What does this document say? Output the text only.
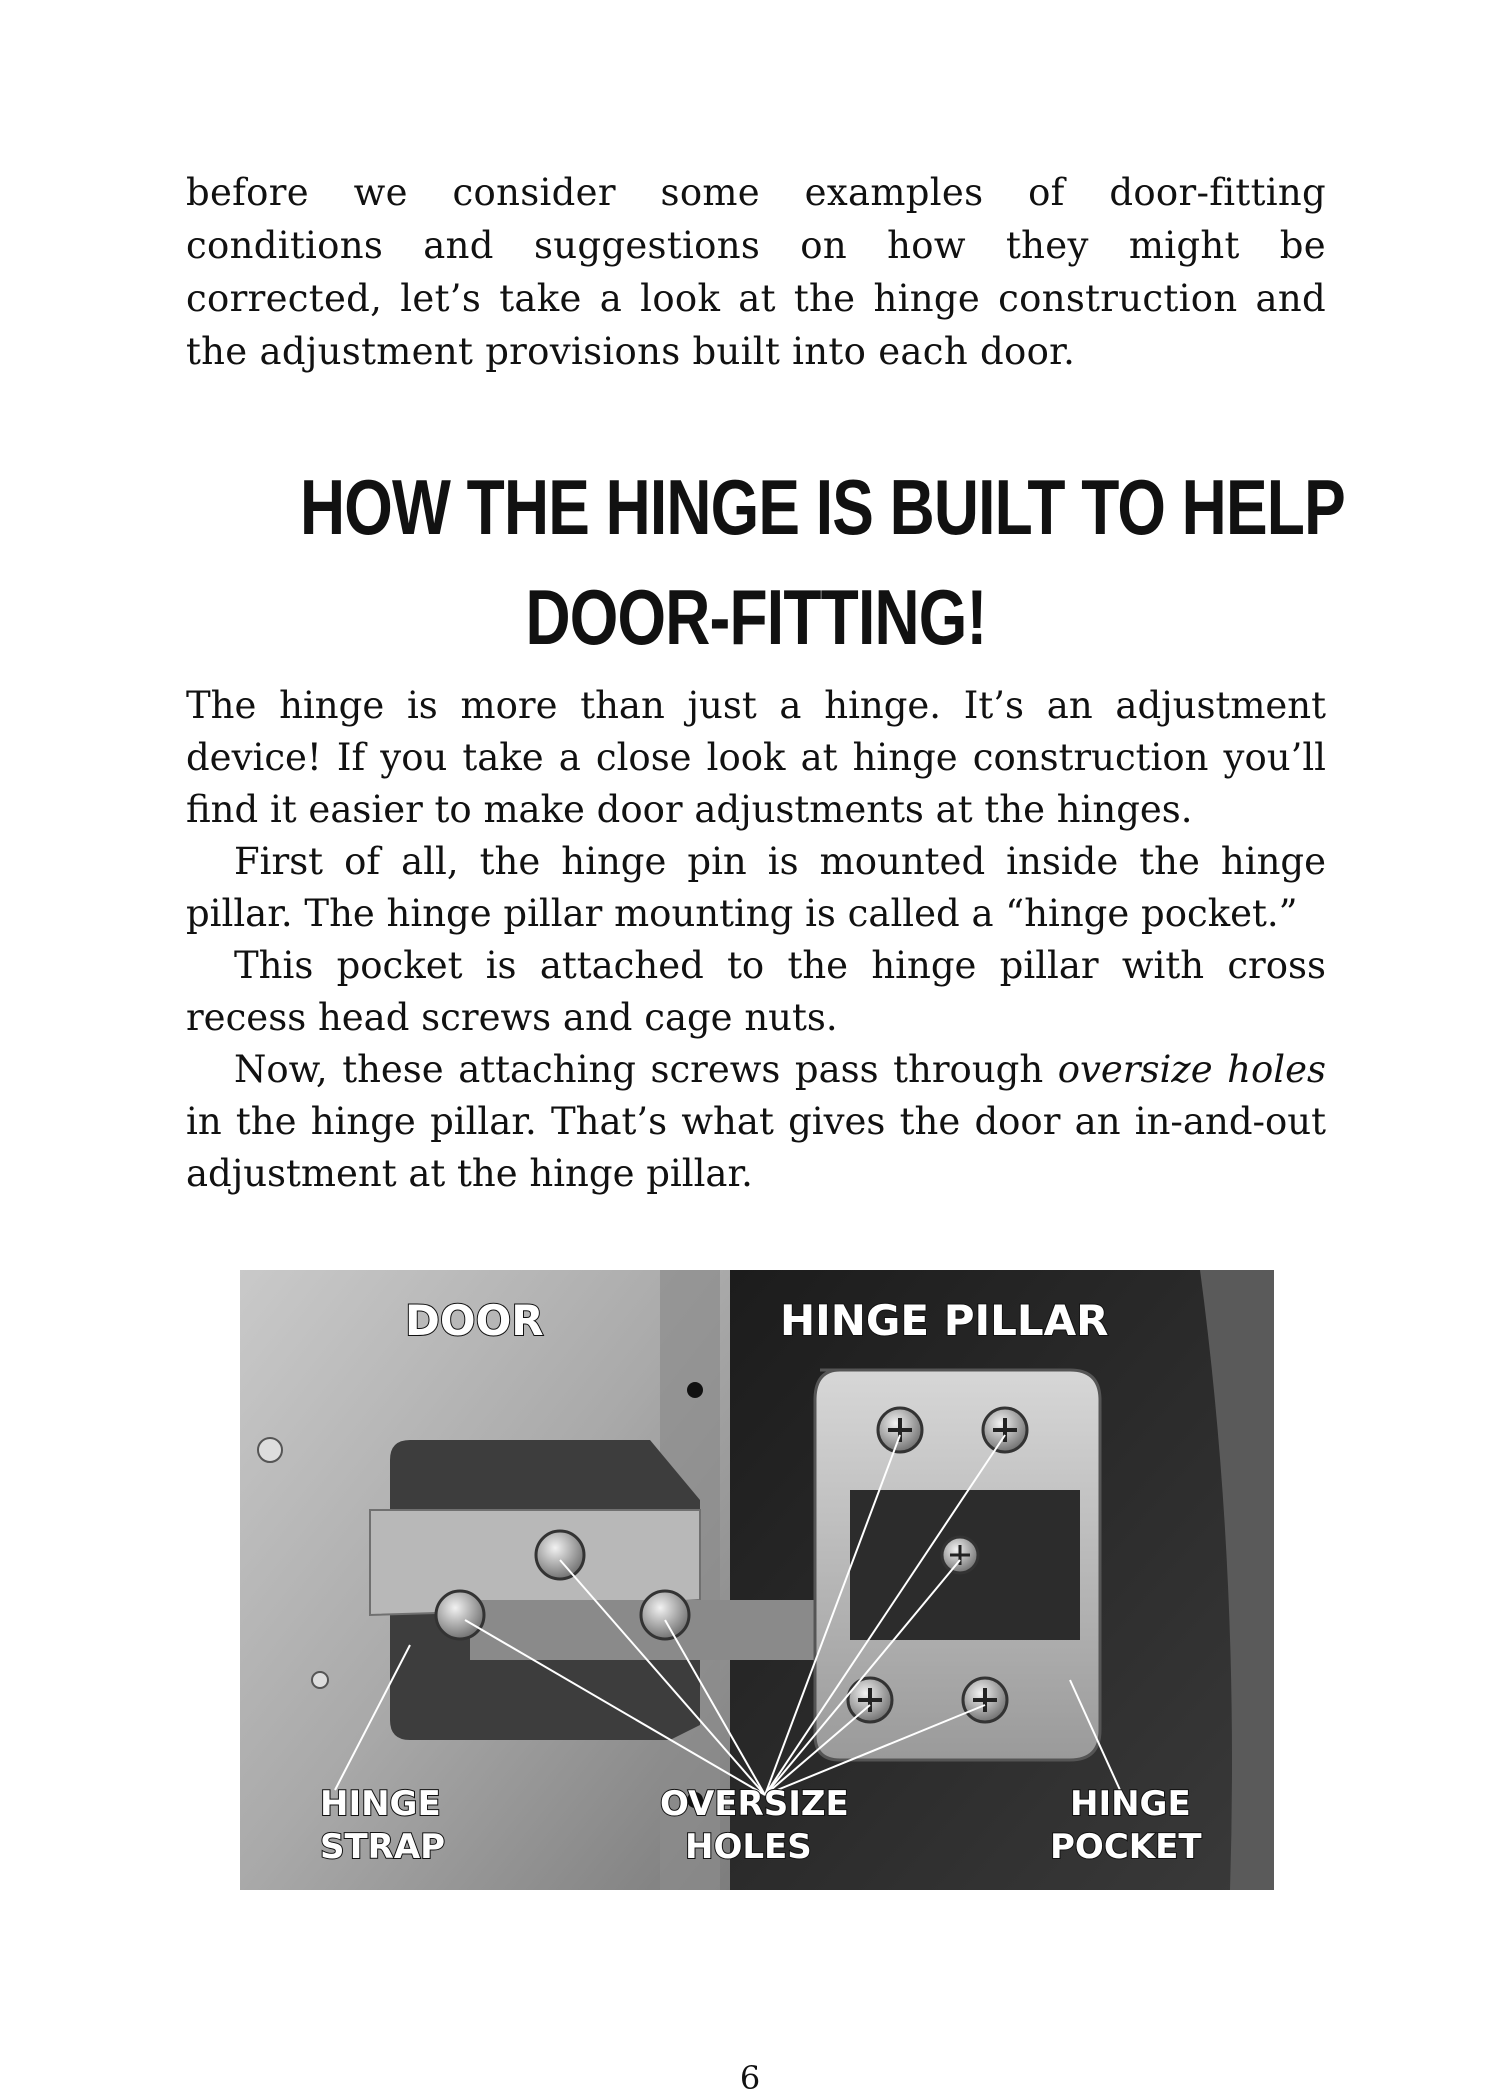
before we consider some examples of door-fitting conditions and suggestions on how they might be corrected, let’s take a look at the hinge construction and the adjustment provisions built into each door.

HOW THE HINGE IS BUILT TO HELP
DOOR-FITTING!

The hinge is more than just a hinge. It’s an adjustment device! If you take a close look at hinge construction you’ll find it easier to make door adjustments at the hinges.

First of all, the hinge pin is mounted inside the hinge pillar. The hinge pillar mounting is called a “hinge pocket.”

This pocket is attached to the hinge pillar with cross recess head screws and cage nuts.

Now, these attaching screws pass through oversize holes in the hinge pillar. That’s what gives the door an in-and-out adjustment at the hinge pillar.

DOOR	HINGE PILLAR
HINGE
STRAP
OVERSIZE
HOLES
HINGE
POCKET
6
